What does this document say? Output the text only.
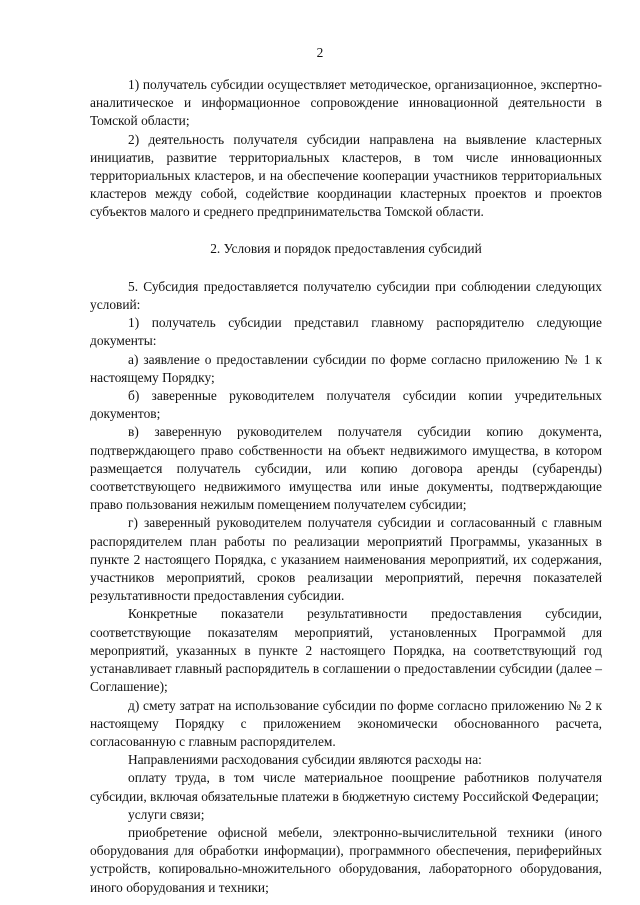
2

1) получатель субсидии осуществляет методическое, организационное, экспертно-аналитическое и информационное сопровождение инновационной деятельности в Томской области;

2) деятельность получателя субсидии направлена на выявление кластерных инициатив, развитие территориальных кластеров, в том числе инновационных территориальных кластеров, и на обеспечение кооперации участников территориальных кластеров между собой, содействие координации кластерных проектов и проектов субъектов малого и среднего предпринимательства Томской области.

2. Условия и порядок предоставления субсидий

5. Субсидия предоставляется получателю субсидии при соблюдении следующих условий:

1) получатель субсидии представил главному распорядителю следующие документы:

а) заявление о предоставлении субсидии по форме согласно приложению № 1 к настоящему Порядку;

б) заверенные руководителем получателя субсидии копии учредительных документов;

в) заверенную руководителем получателя субсидии копию документа, подтверждающего право собственности на объект недвижимого имущества, в котором размещается получатель субсидии, или копию договора аренды (субаренды) соответствующего недвижимого имущества или иные документы, подтверждающие право пользования нежилым помещением получателем субсидии;

г) заверенный руководителем получателя субсидии и согласованный с главным распорядителем план работы по реализации мероприятий Программы, указанных в пункте 2 настоящего Порядка, с указанием наименования мероприятий, их содержания, участников мероприятий, сроков реализации мероприятий, перечня показателей результативности предоставления субсидии.

Конкретные показатели результативности предоставления субсидии, соответствующие показателям мероприятий, установленных Программой для мероприятий, указанных в пункте 2 настоящего Порядка, на соответствующий год устанавливает главный распорядитель в соглашении о предоставлении субсидии (далее – Соглашение);

д) смету затрат на использование субсидии по форме согласно приложению № 2 к настоящему Порядку с приложением экономически обоснованного расчета, согласованную с главным распорядителем.

Направлениями расходования субсидии являются расходы на:

оплату труда, в том числе материальное поощрение работников получателя субсидии, включая обязательные платежи в бюджетную систему Российской Федерации;

услуги связи;

приобретение офисной мебели, электронно-вычислительной техники (иного оборудования для обработки информации), программного обеспечения, периферийных устройств, копировально-множительного оборудования, лабораторного оборудования, иного оборудования и техники;
